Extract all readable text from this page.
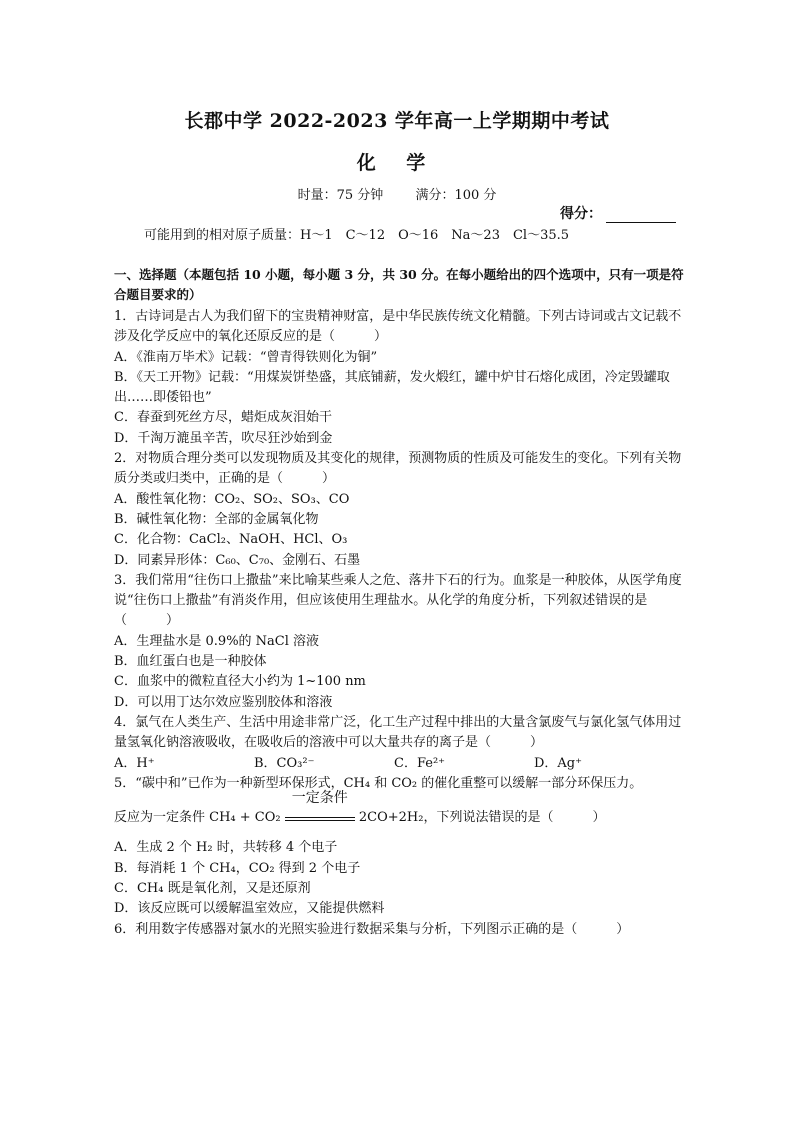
长郡中学 2022-2023 学年高一上学期期中考试
化 学
时量：75 分钟 满分：100 分
得分：
可能用到的相对原子质量：H～1　C～12　O～16　Na～23　Cl～35.5
一、选择题（本题包括 10 小题，每小题 3 分，共 30 分。在每小题给出的四个选项中，只有一项是符合题目要求的）

1．古诗词是古人为我们留下的宝贵精神财富，是中华民族传统文化精髓。下列古诗词或古文记载不涉及化学反应中的氧化还原反应的是（　　　）

A．《淮南万毕术》记载：“曾青得铁则化为铜”

B．《天工开物》记载：“用煤炭饼垫盛，其底铺薪，发火煅红，罐中炉甘石熔化成团，冷定毁罐取出……即倭铅也”

C．春蚕到死丝方尽，蜡炬成灰泪始干

D．千淘万漉虽辛苦，吹尽狂沙始到金

2．对物质合理分类可以发现物质及其变化的规律，预测物质的性质及可能发生的变化。下列有关物质分类或归类中，正确的是（　　　）

A．酸性氧化物：CO₂、SO₂、SO₃、CO

B．碱性氧化物：全部的金属氧化物

C．化合物：CaCl₂、NaOH、HCl、O₃

D．同素异形体：C₆₀、C₇₀、金刚石、石墨

3．我们常用“往伤口上撒盐”来比喻某些乘人之危、落井下石的行为。血浆是一种胶体，从医学角度说“往伤口上撒盐”有消炎作用，但应该使用生理盐水。从化学的角度分析，下列叙述错误的是（　　　）

A．生理盐水是 0.9%的 NaCl 溶液

B．血红蛋白也是一种胶体

C．血浆中的微粒直径大小约为 1~100 nm

D．可以用丁达尔效应鉴别胶体和溶液

4．氯气在人类生产、生活中用途非常广泛，化工生产过程中排出的大量含氯废气与氯化氢气体用过量氢氧化钠溶液吸收，在吸收后的溶液中可以大量共存的离子是（　　　）

A．H⁺	B．CO₃²⁻	C．Fe²⁺	D．Ag⁺

5．“碳中和”已作为一种新型环保形式，CH₄ 和 CO₂ 的催化重整可以缓解一部分环保压力。

反应为一定条件 CH₄ + CO₂
一定条件
2CO+2H₂，下列说法错误的是（　　　）

A．生成 2 个 H₂ 时，共转移 4 个电子

B．每消耗 1 个 CH₄，CO₂ 得到 2 个电子

C．CH₄ 既是氧化剂，又是还原剂

D．该反应既可以缓解温室效应，又能提供燃料

6．利用数字传感器对氯水的光照实验进行数据采集与分析，下列图示正确的是（　　　）
